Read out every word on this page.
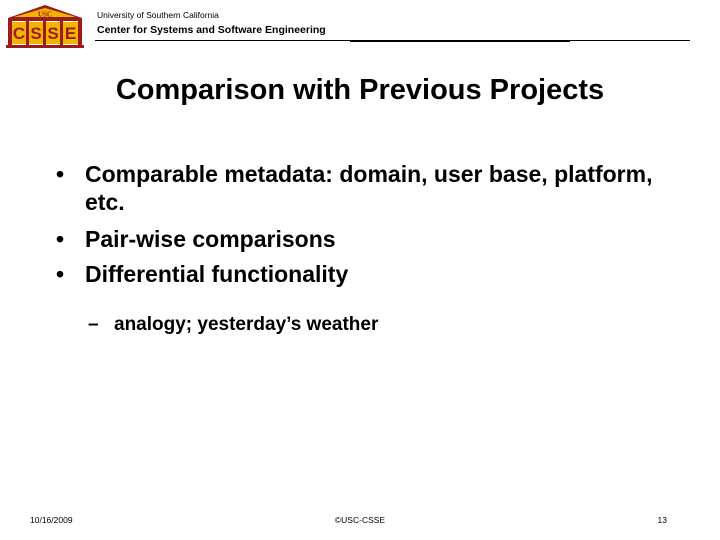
USC
C S S E
University of Southern California
Center for Systems and Software Engineering
Comparison with Previous Projects
• Comparable metadata: domain, user base, platform, etc.
• Pair-wise comparisons
• Differential functionality
– analogy; yesterday’s weather
10/16/2009	©USC-CSSE	13
